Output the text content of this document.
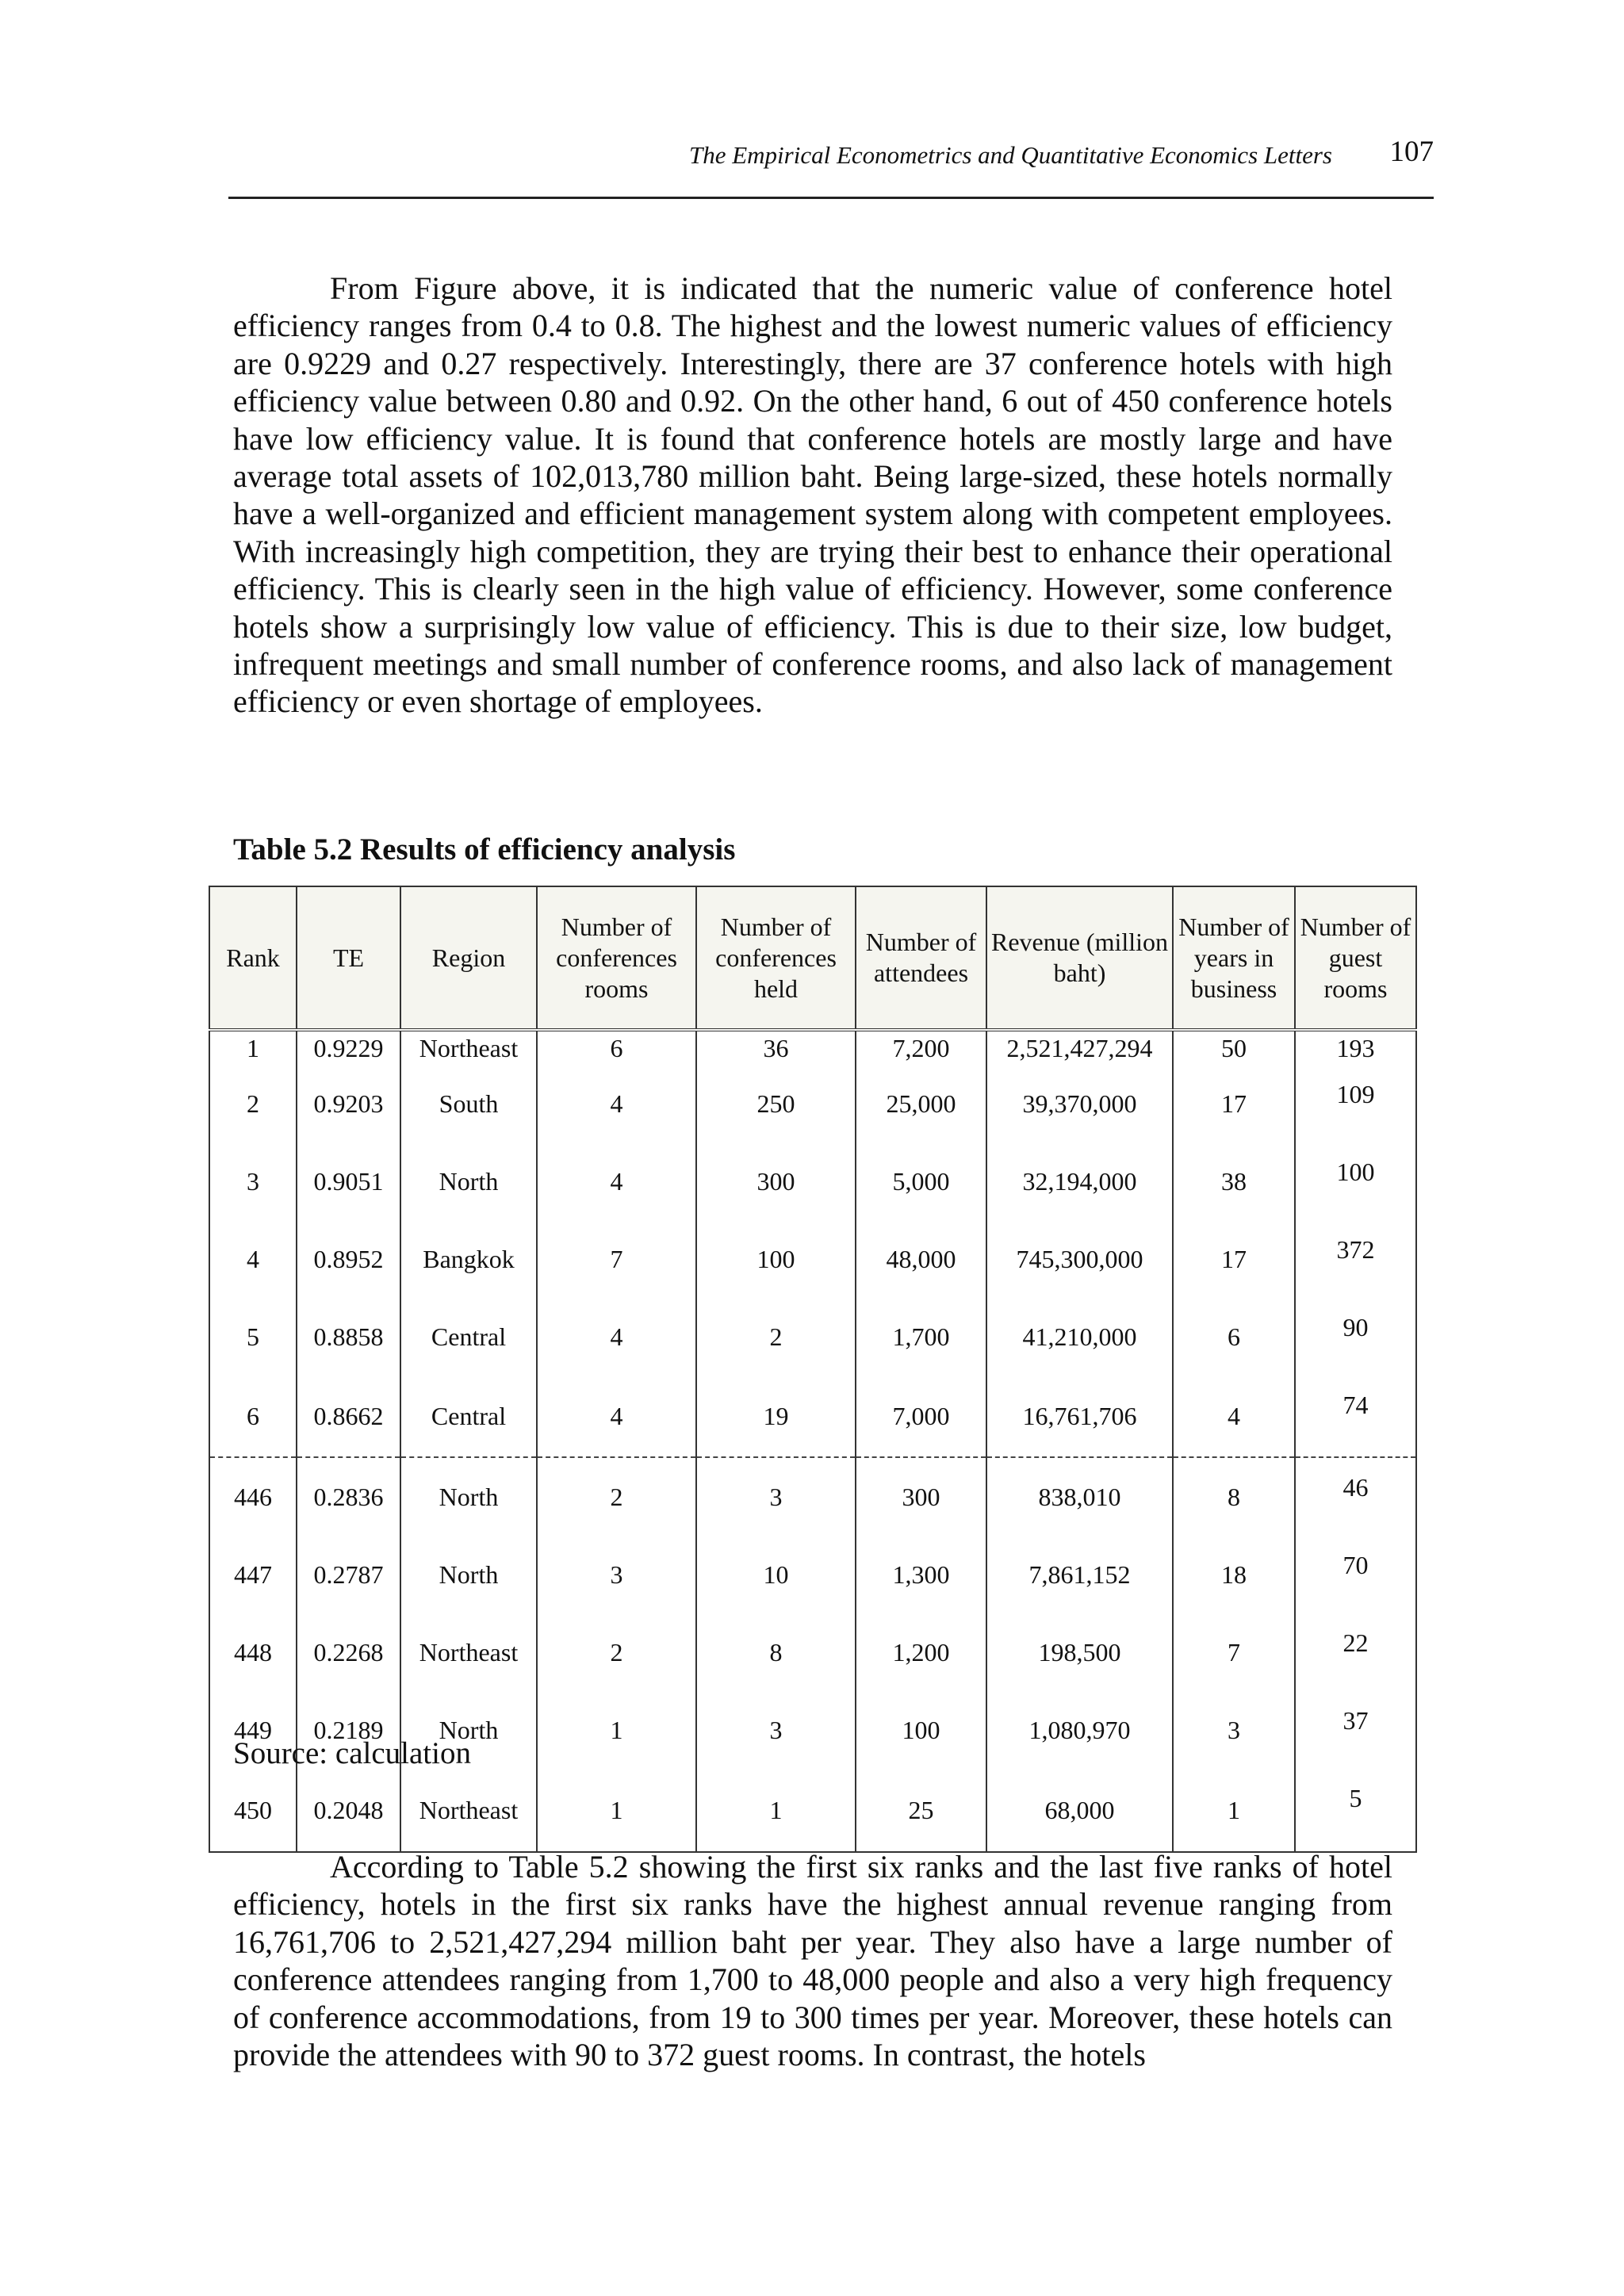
The Empirical Econometrics and Quantitative Economics Letters 107

From Figure above, it is indicated that the numeric value of conference hotel efficiency ranges from 0.4 to 0.8. The highest and the lowest numeric values of efficiency are 0.9229 and 0.27 respectively. Interestingly, there are 37 conference hotels with high efficiency value between 0.80 and 0.92. On the other hand, 6 out of 450 conference hotels have low efficiency value. It is found that conference hotels are mostly large and have average total assets of 102,013,780 million baht. Being large-sized, these hotels normally have a well-organized and efficient management system along with competent employees. With increasingly high competition, they are trying their best to enhance their operational efficiency. This is clearly seen in the high value of efficiency. However, some conference hotels show a surprisingly low value of efficiency. This is due to their size, low budget, infrequent meetings and small number of conference rooms, and also lack of management efficiency or even shortage of employees.

Table 5.2 Results of efficiency analysis
Rank	TE	Region	Number of conferences rooms	Number of conferences held	Number of attendees	Revenue (million baht)	Number of years in business	Number of guest rooms
1	0.9229	Northeast	6	36	7,200	2,521,427,294	50	193
2	0.9203	South	4	250	25,000	39,370,000	17	109
3	0.9051	North	4	300	5,000	32,194,000	38	100
4	0.8952	Bangkok	7	100	48,000	745,300,000	17	372
5	0.8858	Central	4	2	1,700	41,210,000	6	90
6	0.8662	Central	4	19	7,000	16,761,706	4	74
446	0.2836	North	2	3	300	838,010	8	46
447	0.2787	North	3	10	1,300	7,861,152	18	70
448	0.2268	Northeast	2	8	1,200	198,500	7	22
449	0.2189	North	1	3	100	1,080,970	3	37
450	0.2048	Northeast	1	1	25	68,000	1	5
Source: calculation

According to Table 5.2 showing the first six ranks and the last five ranks of hotel efficiency, hotels in the first six ranks have the highest annual revenue ranging from 16,761,706 to 2,521,427,294 million baht per year. They also have a large number of conference attendees ranging from 1,700 to 48,000 people and also a very high frequency of conference accommodations, from 19 to 300 times per year. Moreover, these hotels can provide the attendees with 90 to 372 guest rooms. In contrast, the hotels
